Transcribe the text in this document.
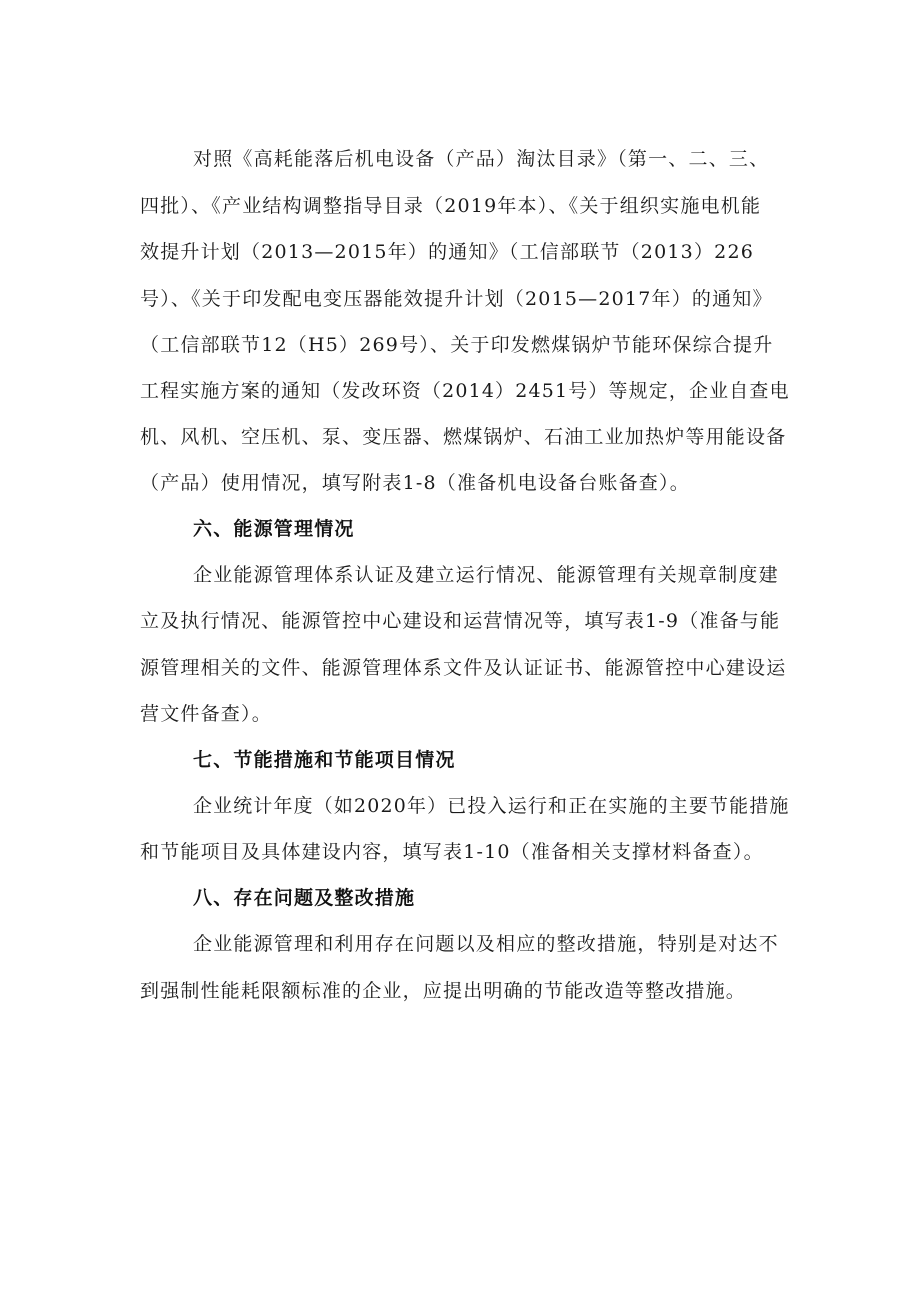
对照《高耗能落后机电设备（产品）淘汰目录》（第一、二、三、
四批）、《产业结构调整指导目录（2019年本）、《关于组织实施电机能
效提升计划（2013—2015年）的通知》（工信部联节（2013）226
号）、《关于印发配电变压器能效提升计划（2015—2017年）的通知》
（工信部联节12（H5）269号）、关于印发燃煤锅炉节能环保综合提升
工程实施方案的通知（发改环资（2014）2451号）等规定，企业自查电
机、风机、空压机、泵、变压器、燃煤锅炉、石油工业加热炉等用能设备
（产品）使用情况，填写附表1-8（准备机电设备台账备查）。
六、能源管理情况
企业能源管理体系认证及建立运行情况、能源管理有关规章制度建
立及执行情况、能源管控中心建设和运营情况等，填写表1-9（准备与能
源管理相关的文件、能源管理体系文件及认证证书、能源管控中心建设运
营文件备查）。
七、节能措施和节能项目情况
企业统计年度（如2020年）已投入运行和正在实施的主要节能措施
和节能项目及具体建设内容，填写表1-10（准备相关支撑材料备查）。
八、存在问题及整改措施
企业能源管理和利用存在问题以及相应的整改措施，特别是对达不
到强制性能耗限额标准的企业，应提出明确的节能改造等整改措施。
